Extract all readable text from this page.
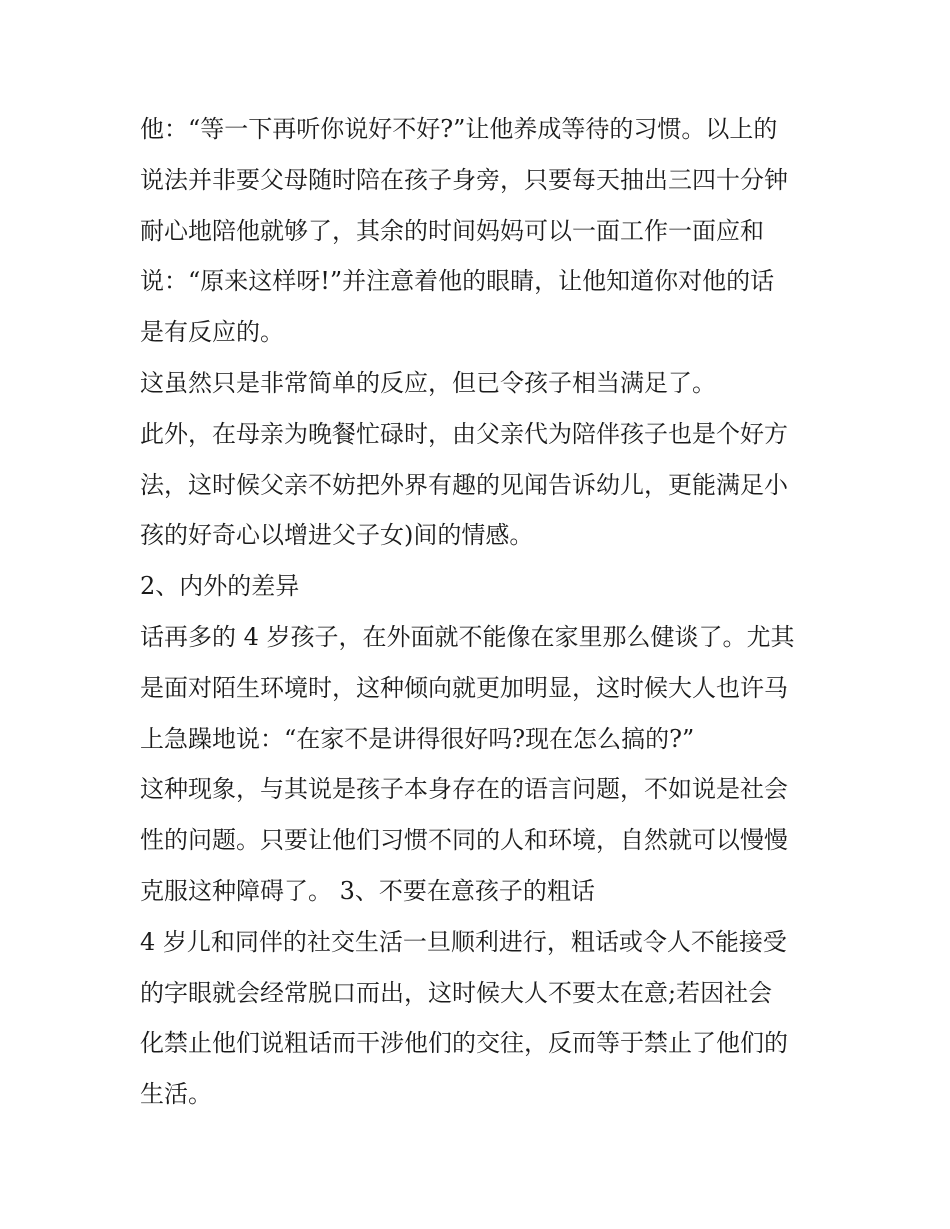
他：“等一下再听你说好不好?”让他养成等待的习惯。以上的
说法并非要父母随时陪在孩子身旁，只要每天抽出三四十分钟
耐心地陪他就够了，其余的时间妈妈可以一面工作一面应和
说：“原来这样呀!”并注意着他的眼睛，让他知道你对他的话
是有反应的。
这虽然只是非常简单的反应，但已令孩子相当满足了。
此外，在母亲为晚餐忙碌时，由父亲代为陪伴孩子也是个好方
法，这时候父亲不妨把外界有趣的见闻告诉幼儿，更能满足小
孩的好奇心以增进父子女)间的情感。
2、内外的差异
话再多的 4 岁孩子，在外面就不能像在家里那么健谈了。尤其
是面对陌生环境时，这种倾向就更加明显，这时候大人也许马
上急躁地说：“在家不是讲得很好吗?现在怎么搞的?”
这种现象，与其说是孩子本身存在的语言问题，不如说是社会
性的问题。只要让他们习惯不同的人和环境，自然就可以慢慢
克服这种障碍了。 3、不要在意孩子的粗话
4 岁儿和同伴的社交生活一旦顺利进行，粗话或令人不能接受
的字眼就会经常脱口而出，这时候大人不要太在意;若因社会
化禁止他们说粗话而干涉他们的交往，反而等于禁止了他们的
生活。
